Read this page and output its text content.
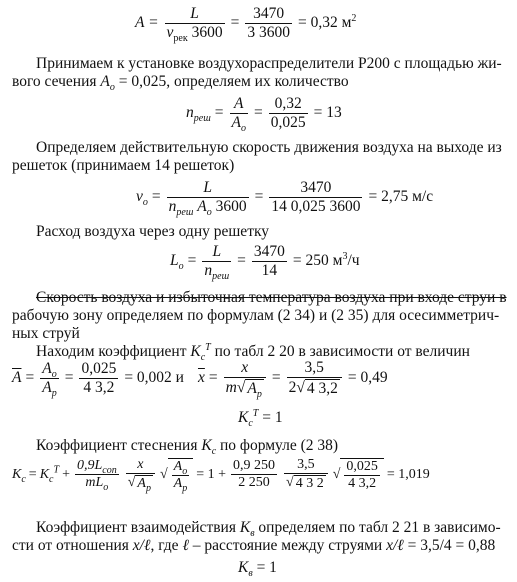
$A = \frac{L}{v_{рек} 3600} = \frac{3470}{3 3600} = 0,32$ $м^2$
Принимаем к установке воздухораспределители Р200 с площадью жи-
вого сечения $A_o = 0,025$, определяем их количество
$n_{реш} = \frac{A}{A_o} = \frac{0,32}{0,025} = 13$
Определяем действительную скорость движения воздуха на выходе из
решеток (принимаем 14 решеток)
$v_o = \frac{L}{n_{реш} A_o 3600} = \frac{3470}{14 0,025 3600} = 2,75$ м/с
Расход воздуха через одну решетку
$L_o = \frac{L}{n_{реш}} = \frac{3470}{14} = 250$ $м^3/ч$
Скорость воздуха и избыточная температура воздуха при входе струи в
рабочую зону определяем по формулам (2 34) и (2 35) для осесимметрич-
ных струй
Находим коэффициент $K_c^T$ по табл 2 20 в зависимости от величин
$\overline{A} = \frac{A_o}{A_p} = \frac{0,025}{4 3,2} = 0,002$ и $\overline{x} = \frac{x}{m √ A_p} = \frac{3,5}{2 √ 4 3,2} = 0,49$
$K_c^T = 1$
Коэффициент стеснения $K_c$ по формуле (2 38)
$K_c = K_c^T + \frac{0,9L_{con}}{mL_o} \frac{x}{√ A_p}$ √ $\frac{A_o}{A_p} = 1 + \frac{0,9 250}{2 250} \frac{3,5}{√ 4 3 2}$ √ $\frac{0,025}{4 3,2} = 1,019$
Коэффициент взаимодействия $K_в$ определяем по табл 2 21 в зависимо-
сти от отношения x/ℓ, где ℓ – расстояние между струями x/ℓ = 3,5/4 = 0,88
$K_в = 1$
